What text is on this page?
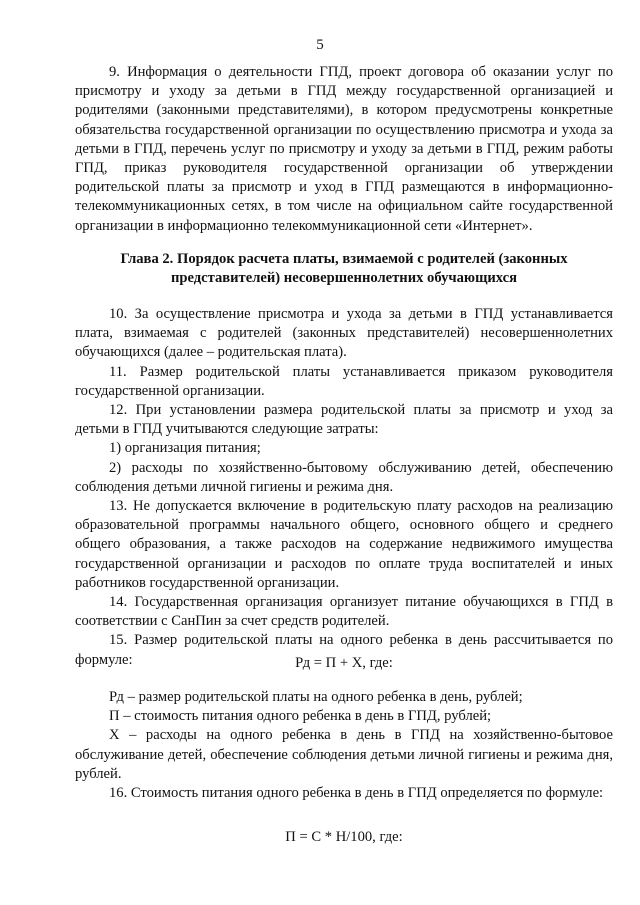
5

9. Информация о деятельности ГПД, проект договора об оказании услуг по присмотру и уходу за детьми в ГПД между государственной организацией и родителями (законными представителями), в котором предусмотрены конкретные обязательства государственной организации по осуществлению присмотра и ухода за детьми в ГПД, перечень услуг по присмотру и уходу за детьми в ГПД, режим работы ГПД, приказ руководителя государственной организации об утверждении родительской платы за присмотр и уход в ГПД размещаются в информационно-телекоммуникационных сетях, в том числе на официальном сайте государственной организации в информационно телекоммуникационной сети «Интернет».

Глава 2. Порядок расчета платы, взимаемой с родителей (законных представителей) несовершеннолетних обучающихся

10. За осуществление присмотра и ухода за детьми в ГПД устанавливается плата, взимаемая с родителей (законных представителей) несовершеннолетних обучающихся (далее – родительская плата).

11. Размер родительской платы устанавливается приказом руководителя государственной организации.

12. При установлении размера родительской платы за присмотр и уход за детьми в ГПД учитываются следующие затраты:

1) организация питания;

2) расходы по хозяйственно-бытовому обслуживанию детей, обеспечению соблюдения детьми личной гигиены и режима дня.

13. Не допускается включение в родительскую плату расходов на реализацию образовательной программы начального общего, основного общего и среднего общего образования, а также расходов на содержание недвижимого имущества государственной организации и расходов по оплате труда воспитателей и иных работников государственной организации.

14. Государственная организация организует питание обучающихся в ГПД в соответствии с СанПин за счет средств родителей.

15. Размер родительской платы на одного ребенка в день рассчитывается по формуле:	Рд = П + Х, где:

Рд – размер родительской платы на одного ребенка в день, рублей;

П – стоимость питания одного ребенка в день в ГПД, рублей;

Х – расходы на одного ребенка в день в ГПД на хозяйственно-бытовое обслуживание детей, обеспечение соблюдения детьми личной гигиены и режима дня, рублей.

16. Стоимость питания одного ребенка в день в ГПД определяется по формуле:

П = С * Н/100, где:
